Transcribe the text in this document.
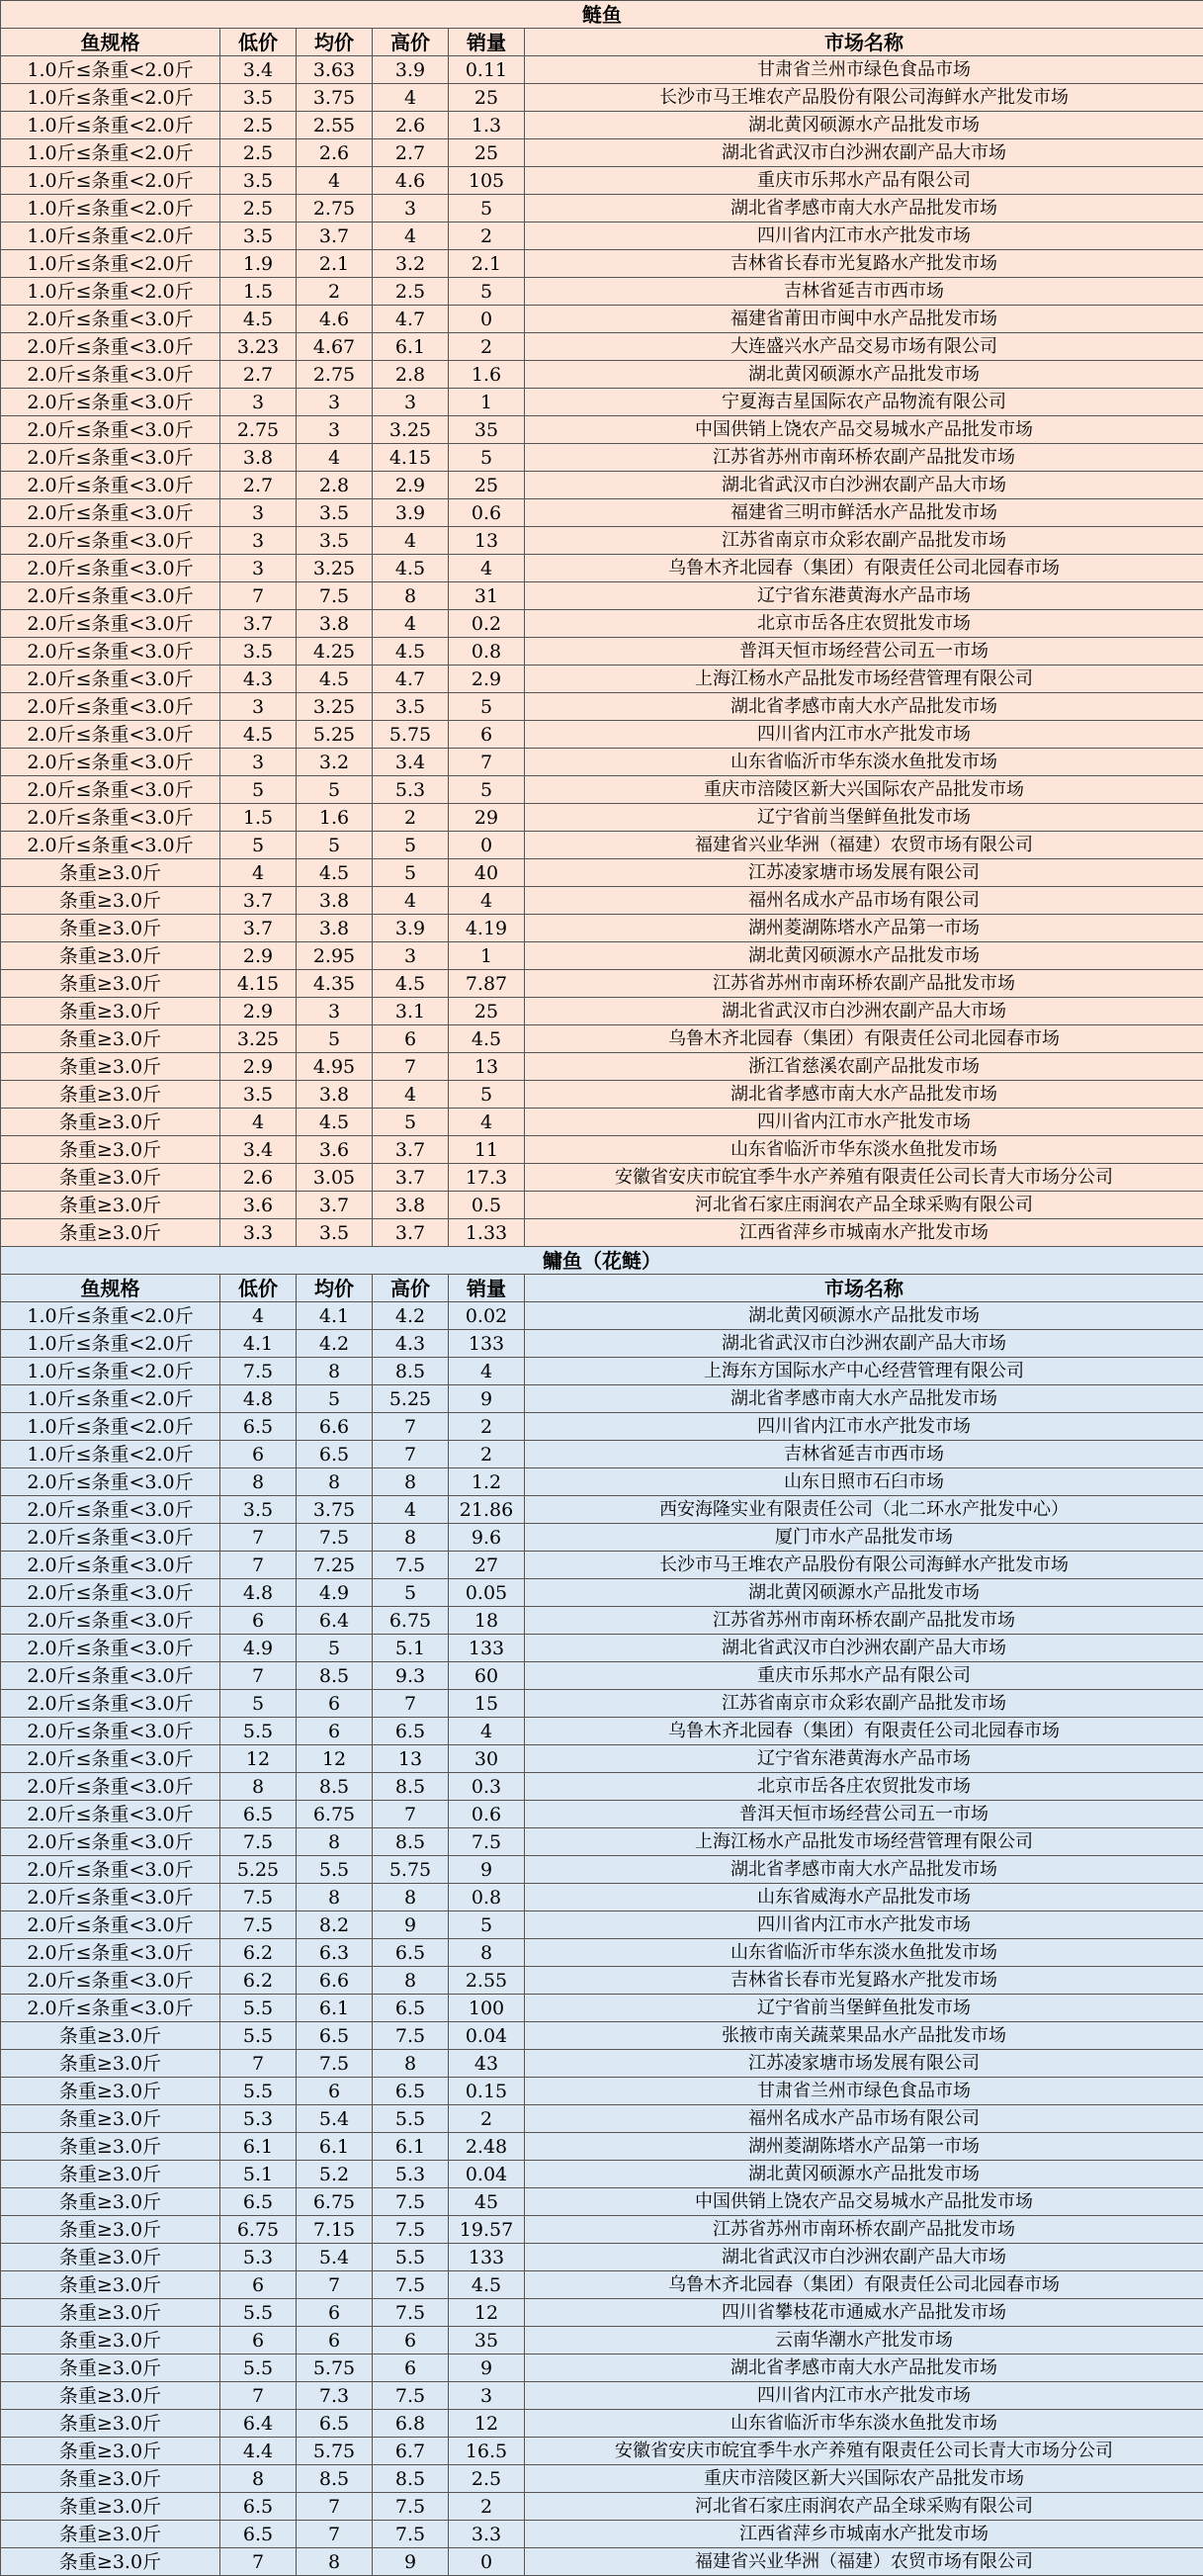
鲢鱼					
鱼规格	低价	均价	高价	销量	市场名称
1.0斤≤条重<2.0斤	3.4	3.63	3.9	0.11	甘肃省兰州市绿色食品市场
1.0斤≤条重<2.0斤	3.5	3.75	4	25	长沙市马王堆农产品股份有限公司海鲜水产批发市场
1.0斤≤条重<2.0斤	2.5	2.55	2.6	1.3	湖北黄冈硕源水产品批发市场
1.0斤≤条重<2.0斤	2.5	2.6	2.7	25	湖北省武汉市白沙洲农副产品大市场
1.0斤≤条重<2.0斤	3.5	4	4.6	105	重庆市乐邦水产品有限公司
1.0斤≤条重<2.0斤	2.5	2.75	3	5	湖北省孝感市南大水产品批发市场
1.0斤≤条重<2.0斤	3.5	3.7	4	2	四川省内江市水产批发市场
1.0斤≤条重<2.0斤	1.9	2.1	3.2	2.1	吉林省长春市光复路水产批发市场
1.0斤≤条重<2.0斤	1.5	2	2.5	5	吉林省延吉市西市场
2.0斤≤条重<3.0斤	4.5	4.6	4.7	0	福建省莆田市闽中水产品批发市场
2.0斤≤条重<3.0斤	3.23	4.67	6.1	2	大连盛兴水产品交易市场有限公司
2.0斤≤条重<3.0斤	2.7	2.75	2.8	1.6	湖北黄冈硕源水产品批发市场
2.0斤≤条重<3.0斤	3	3	3	1	宁夏海吉星国际农产品物流有限公司
2.0斤≤条重<3.0斤	2.75	3	3.25	35	中国供销上饶农产品交易城水产品批发市场
2.0斤≤条重<3.0斤	3.8	4	4.15	5	江苏省苏州市南环桥农副产品批发市场
2.0斤≤条重<3.0斤	2.7	2.8	2.9	25	湖北省武汉市白沙洲农副产品大市场
2.0斤≤条重<3.0斤	3	3.5	3.9	0.6	福建省三明市鲜活水产品批发市场
2.0斤≤条重<3.0斤	3	3.5	4	13	江苏省南京市众彩农副产品批发市场
2.0斤≤条重<3.0斤	3	3.25	4.5	4	乌鲁木齐北园春（集团）有限责任公司北园春市场
2.0斤≤条重<3.0斤	7	7.5	8	31	辽宁省东港黄海水产品市场
2.0斤≤条重<3.0斤	3.7	3.8	4	0.2	北京市岳各庄农贸批发市场
2.0斤≤条重<3.0斤	3.5	4.25	4.5	0.8	普洱天恒市场经营公司五一市场
2.0斤≤条重<3.0斤	4.3	4.5	4.7	2.9	上海江杨水产品批发市场经营管理有限公司
2.0斤≤条重<3.0斤	3	3.25	3.5	5	湖北省孝感市南大水产品批发市场
2.0斤≤条重<3.0斤	4.5	5.25	5.75	6	四川省内江市水产批发市场
2.0斤≤条重<3.0斤	3	3.2	3.4	7	山东省临沂市华东淡水鱼批发市场
2.0斤≤条重<3.0斤	5	5	5.3	5	重庆市涪陵区新大兴国际农产品批发市场
2.0斤≤条重<3.0斤	1.5	1.6	2	29	辽宁省前当堡鲜鱼批发市场
2.0斤≤条重<3.0斤	5	5	5	0	福建省兴业华洲（福建）农贸市场有限公司
条重≥3.0斤	4	4.5	5	40	江苏凌家塘市场发展有限公司
条重≥3.0斤	3.7	3.8	4	4	福州名成水产品市场有限公司
条重≥3.0斤	3.7	3.8	3.9	4.19	湖州菱湖陈塔水产品第一市场
条重≥3.0斤	2.9	2.95	3	1	湖北黄冈硕源水产品批发市场
条重≥3.0斤	4.15	4.35	4.5	7.87	江苏省苏州市南环桥农副产品批发市场
条重≥3.0斤	2.9	3	3.1	25	湖北省武汉市白沙洲农副产品大市场
条重≥3.0斤	3.25	5	6	4.5	乌鲁木齐北园春（集团）有限责任公司北园春市场
条重≥3.0斤	2.9	4.95	7	13	浙江省慈溪农副产品批发市场
条重≥3.0斤	3.5	3.8	4	5	湖北省孝感市南大水产品批发市场
条重≥3.0斤	4	4.5	5	4	四川省内江市水产批发市场
条重≥3.0斤	3.4	3.6	3.7	11	山东省临沂市华东淡水鱼批发市场
条重≥3.0斤	2.6	3.05	3.7	17.3	安徽省安庆市皖宜季牛水产养殖有限责任公司长青大市场分公司
条重≥3.0斤	3.6	3.7	3.8	0.5	河北省石家庄雨润农产品全球采购有限公司
条重≥3.0斤	3.3	3.5	3.7	1.33	江西省萍乡市城南水产批发市场
鳙鱼（花鲢）					
鱼规格	低价	均价	高价	销量	市场名称
1.0斤≤条重<2.0斤	4	4.1	4.2	0.02	湖北黄冈硕源水产品批发市场
1.0斤≤条重<2.0斤	4.1	4.2	4.3	133	湖北省武汉市白沙洲农副产品大市场
1.0斤≤条重<2.0斤	7.5	8	8.5	4	上海东方国际水产中心经营管理有限公司
1.0斤≤条重<2.0斤	4.8	5	5.25	9	湖北省孝感市南大水产品批发市场
1.0斤≤条重<2.0斤	6.5	6.6	7	2	四川省内江市水产批发市场
1.0斤≤条重<2.0斤	6	6.5	7	2	吉林省延吉市西市场
2.0斤≤条重<3.0斤	8	8	8	1.2	山东日照市石臼市场
2.0斤≤条重<3.0斤	3.5	3.75	4	21.86	西安海隆实业有限责任公司（北二环水产批发中心）
2.0斤≤条重<3.0斤	7	7.5	8	9.6	厦门市水产品批发市场
2.0斤≤条重<3.0斤	7	7.25	7.5	27	长沙市马王堆农产品股份有限公司海鲜水产批发市场
2.0斤≤条重<3.0斤	4.8	4.9	5	0.05	湖北黄冈硕源水产品批发市场
2.0斤≤条重<3.0斤	6	6.4	6.75	18	江苏省苏州市南环桥农副产品批发市场
2.0斤≤条重<3.0斤	4.9	5	5.1	133	湖北省武汉市白沙洲农副产品大市场
2.0斤≤条重<3.0斤	7	8.5	9.3	60	重庆市乐邦水产品有限公司
2.0斤≤条重<3.0斤	5	6	7	15	江苏省南京市众彩农副产品批发市场
2.0斤≤条重<3.0斤	5.5	6	6.5	4	乌鲁木齐北园春（集团）有限责任公司北园春市场
2.0斤≤条重<3.0斤	12	12	13	30	辽宁省东港黄海水产品市场
2.0斤≤条重<3.0斤	8	8.5	8.5	0.3	北京市岳各庄农贸批发市场
2.0斤≤条重<3.0斤	6.5	6.75	7	0.6	普洱天恒市场经营公司五一市场
2.0斤≤条重<3.0斤	7.5	8	8.5	7.5	上海江杨水产品批发市场经营管理有限公司
2.0斤≤条重<3.0斤	5.25	5.5	5.75	9	湖北省孝感市南大水产品批发市场
2.0斤≤条重<3.0斤	7.5	8	8	0.8	山东省威海水产品批发市场
2.0斤≤条重<3.0斤	7.5	8.2	9	5	四川省内江市水产批发市场
2.0斤≤条重<3.0斤	6.2	6.3	6.5	8	山东省临沂市华东淡水鱼批发市场
2.0斤≤条重<3.0斤	6.2	6.6	8	2.55	吉林省长春市光复路水产批发市场
2.0斤≤条重<3.0斤	5.5	6.1	6.5	100	辽宁省前当堡鲜鱼批发市场
条重≥3.0斤	5.5	6.5	7.5	0.04	张掖市南关蔬菜果品水产品批发市场
条重≥3.0斤	7	7.5	8	43	江苏凌家塘市场发展有限公司
条重≥3.0斤	5.5	6	6.5	0.15	甘肃省兰州市绿色食品市场
条重≥3.0斤	5.3	5.4	5.5	2	福州名成水产品市场有限公司
条重≥3.0斤	6.1	6.1	6.1	2.48	湖州菱湖陈塔水产品第一市场
条重≥3.0斤	5.1	5.2	5.3	0.04	湖北黄冈硕源水产品批发市场
条重≥3.0斤	6.5	6.75	7.5	45	中国供销上饶农产品交易城水产品批发市场
条重≥3.0斤	6.75	7.15	7.5	19.57	江苏省苏州市南环桥农副产品批发市场
条重≥3.0斤	5.3	5.4	5.5	133	湖北省武汉市白沙洲农副产品大市场
条重≥3.0斤	6	7	7.5	4.5	乌鲁木齐北园春（集团）有限责任公司北园春市场
条重≥3.0斤	5.5	6	7.5	12	四川省攀枝花市通威水产品批发市场
条重≥3.0斤	6	6	6	35	云南华潮水产批发市场
条重≥3.0斤	5.5	5.75	6	9	湖北省孝感市南大水产品批发市场
条重≥3.0斤	7	7.3	7.5	3	四川省内江市水产批发市场
条重≥3.0斤	6.4	6.5	6.8	12	山东省临沂市华东淡水鱼批发市场
条重≥3.0斤	4.4	5.75	6.7	16.5	安徽省安庆市皖宜季牛水产养殖有限责任公司长青大市场分公司
条重≥3.0斤	8	8.5	8.5	2.5	重庆市涪陵区新大兴国际农产品批发市场
条重≥3.0斤	6.5	7	7.5	2	河北省石家庄雨润农产品全球采购有限公司
条重≥3.0斤	6.5	7	7.5	3.3	江西省萍乡市城南水产批发市场
条重≥3.0斤	7	8	9	0	福建省兴业华洲（福建）农贸市场有限公司
